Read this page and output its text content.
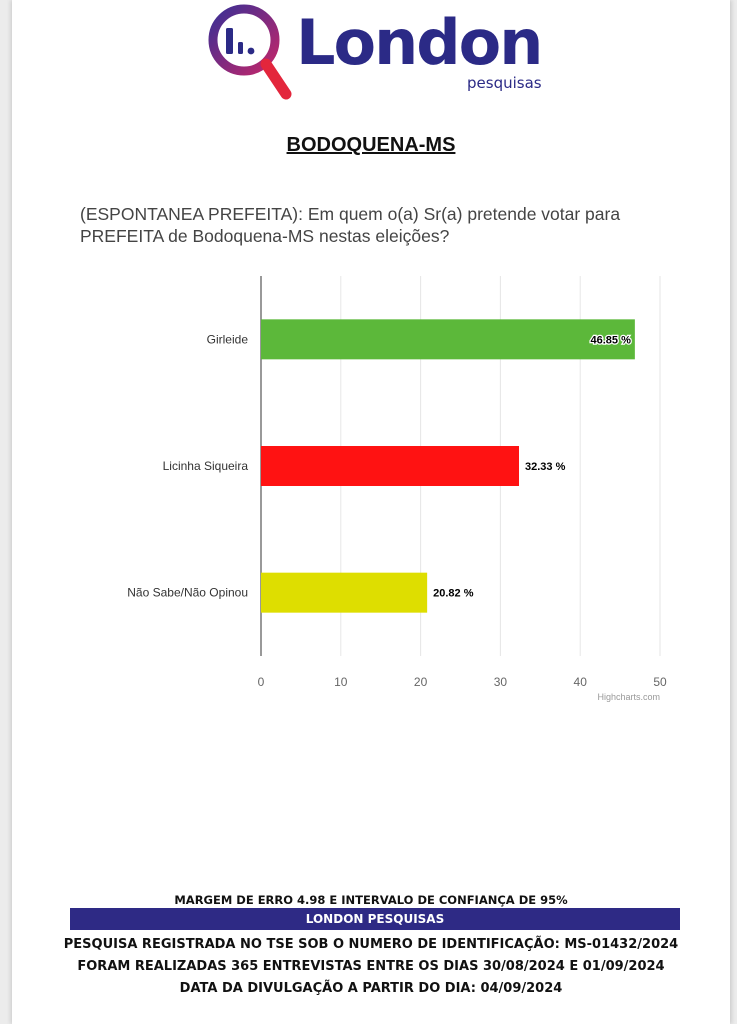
London
pesquisas
BODOQUENA-MS
(ESPONTANEA PREFEITA): Em quem o(a) Sr(a) pretende votar para PREFEITA de Bodoquena-MS nestas eleições?
0	10	20	30	40	50
Girleide	46.85 %
Licinha Siqueira	32.33 %
Não Sabe/Não Opinou	20.82 %
Highcharts.com
MARGEM DE ERRO 4.98 E INTERVALO DE CONFIANÇA DE 95%
LONDON PESQUISAS
PESQUISA REGISTRADA NO TSE SOB O NUMERO DE IDENTIFICAÇÃO: MS-01432/2024
FORAM REALIZADAS 365 ENTREVISTAS ENTRE OS DIAS 30/08/2024 E 01/09/2024
DATA DA DIVULGAÇÃO A PARTIR DO DIA: 04/09/2024
